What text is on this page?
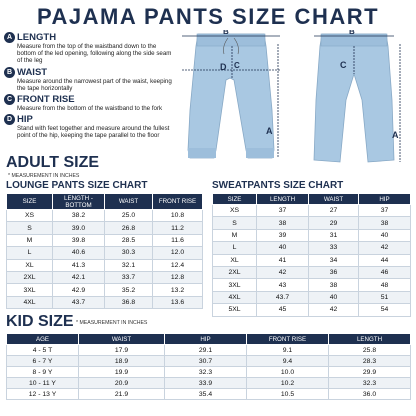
PAJAMA PANTS SIZE CHART
A LENGTH
Measure from the top of the waistband down to the bottom of the led opening, following along the side seam of the leg
B WAIST
Measure around the narrowest part of the waist, keeping the tape horizontally
C FRONT RISE
Measure from the bottom of the waistband to the fork
D HIP
Stand with feet together and measure around the fullest point of the hip, keeping the tape parallel to the floor
B
D C
A
B
C
A
ADULT SIZE
* MEASUREMENT IN INCHES
LOUNGE PANTS SIZE CHART	SWEATPANTS SIZE CHART
SIZE	LENGTH - BOTTOM	WAIST	FRONT RISE
XS	38.2	25.0	10.8
S	39.0	26.8	11.2
M	39.8	28.5	11.6
L	40.6	30.3	12.0
XL	41.3	32.1	12.4
2XL	42.1	33.7	12.8
3XL	42.9	35.2	13.2
4XL	43.7	36.8	13.6
SIZE	LENGTH	WAIST	HIP
XS	37	27	37
S	38	29	38
M	39	31	40
L	40	33	42
XL	41	34	44
2XL	42	36	46
3XL	43	38	48
4XL	43.7	40	51
5XL	45	42	54
KID SIZE * MEASUREMENT IN INCHES
AGE	WAIST	HIP	FRONT RISE	LENGTH
4 - 5 T	17.9	29.1	9.1	25.8
6 - 7 Y	18.9	30.7	9.4	28.3
8 - 9 Y	19.9	32.3	10.0	29.9
10 - 11 Y	20.9	33.9	10.2	32.3
12 - 13 Y	21.9	35.4	10.5	36.0
